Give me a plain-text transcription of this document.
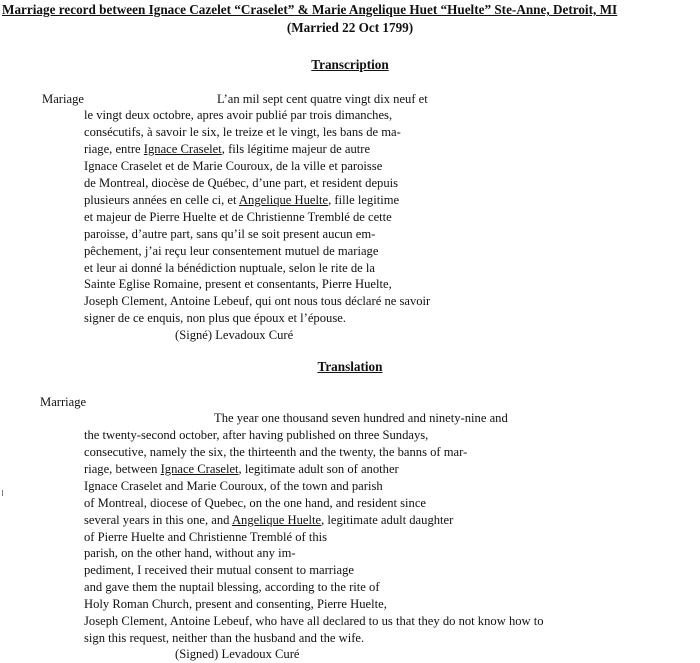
Marriage record between Ignace Cazelet “Craselet” & Marie Angelique Huet “Huelte” Ste-Anne, Detroit, MI
(Married 22 Oct 1799)
Transcription
Mariage	L’an mil sept cent quatre vingt dix neuf et
le vingt deux octobre, apres avoir publié par trois dimanches,
consécutifs, à savoir le six, le treize et le vingt, les bans de ma-
riage, entre Ignace Craselet, fils légitime majeur de autre
Ignace Craselet et de Marie Couroux, de la ville et paroisse
de Montreal, diocèse de Québec, d’une part, et resident depuis
plusieurs années en celle ci, et Angelique Huelte, fille legitime
et majeur de Pierre Huelte et de Christienne Tremblé de cette
paroisse, d’autre part, sans qu’il se soit present aucun em-
pêchement, j’ai reçu leur consentement mutuel de mariage
et leur ai donné la bénédiction nuptuale, selon le rite de la
Sainte Eglise Romaine, present et consentants, Pierre Huelte,
Joseph Clement, Antoine Lebeuf, qui ont nous tous déclaré ne savoir
signer de ce enquis, non plus que époux et l’épouse.
(Signé) Levadoux Curé
Translation
Marriage
The year one thousand seven hundred and ninety-nine and
the twenty-second october, after having published on three Sundays,
consecutive, namely the six, the thirteenth and the twenty, the banns of mar-
riage, between Ignace Craselet, legitimate adult son of another
Ignace Craselet and Marie Couroux, of the town and parish
of Montreal, diocese of Quebec, on the one hand, and resident since
several years in this one, and Angelique Huelte, legitimate adult daughter
of Pierre Huelte and Christienne Tremblé of this
parish, on the other hand, without any im-
pediment, I received their mutual consent to marriage
and gave them the nuptail blessing, according to the rite of
Holy Roman Church, present and consenting, Pierre Huelte,
Joseph Clement, Antoine Lebeuf, who have all declared to us that they do not know how to
sign this request, neither than the husband and the wife.
(Signed) Levadoux Curé
